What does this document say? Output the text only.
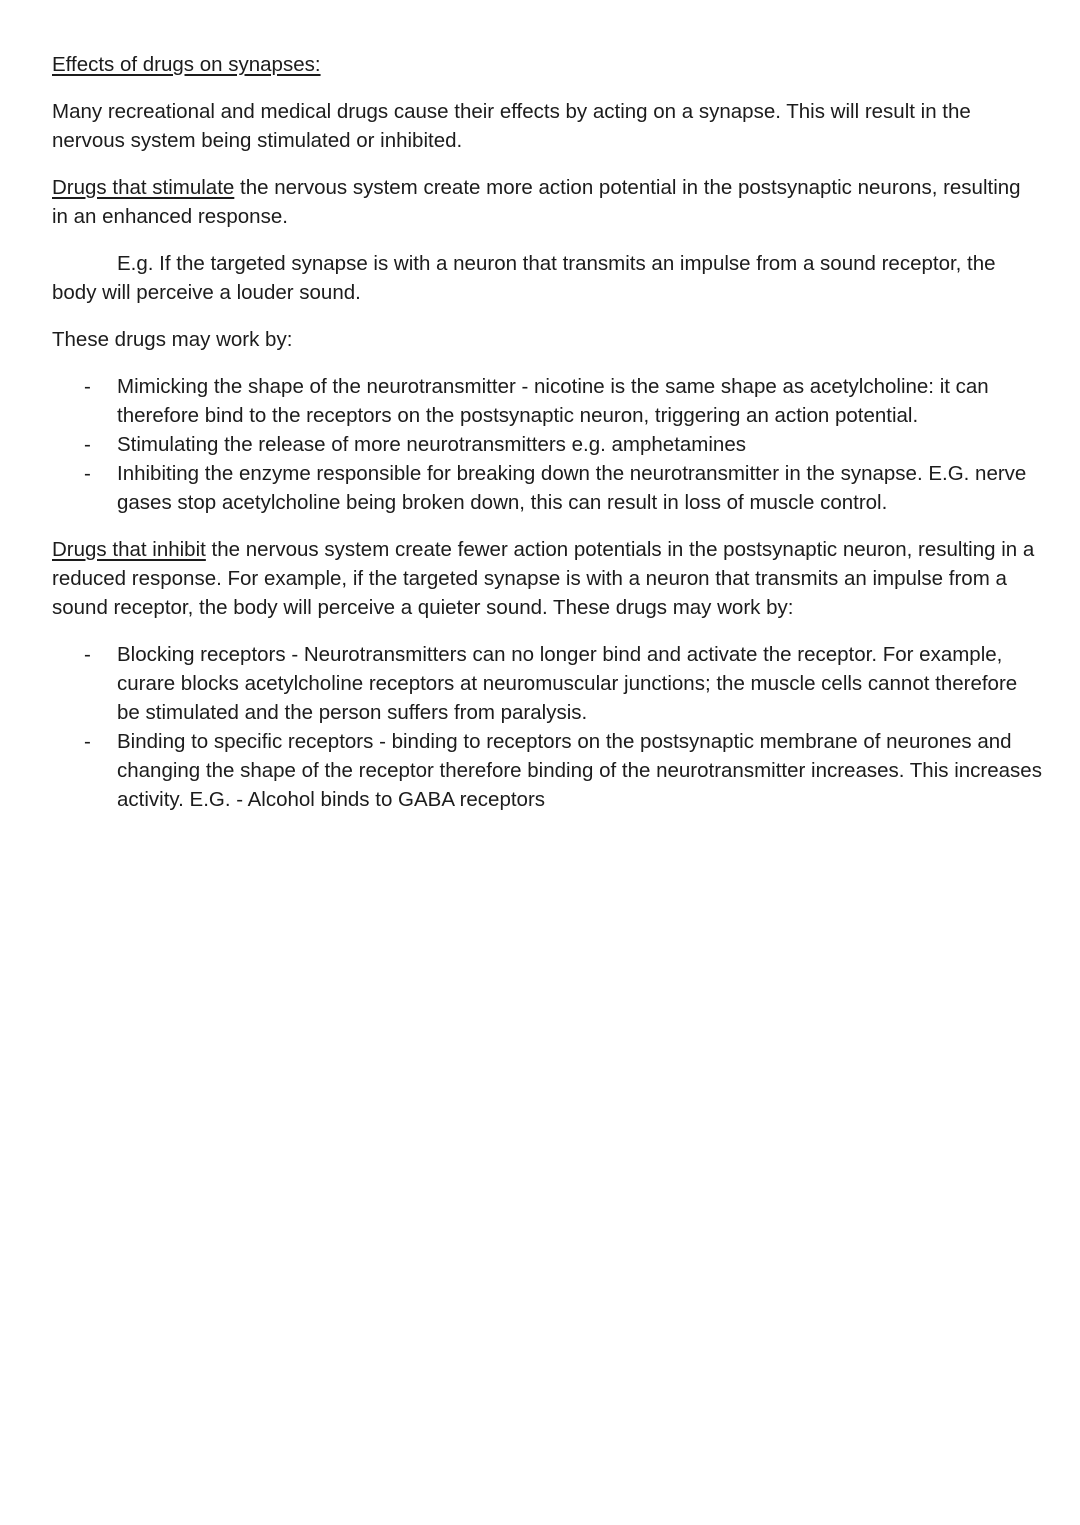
Effects of drugs on synapses:

Many recreational and medical drugs cause their effects by acting on a synapse. This will result in the nervous system being stimulated or inhibited.

Drugs that stimulate the nervous system create more action potential in the postsynaptic neurons, resulting in an enhanced response.

E.g. If the targeted synapse is with a neuron that transmits an impulse from a sound receptor, the body will perceive a louder sound.

These drugs may work by:

- Mimicking the shape of the neurotransmitter - nicotine is the same shape as acetylcholine: it can therefore bind to the receptors on the postsynaptic neuron, triggering an action potential.
- Stimulating the release of more neurotransmitters e.g. amphetamines
- Inhibiting the enzyme responsible for breaking down the neurotransmitter in the synapse. E.G. nerve gases stop acetylcholine being broken down, this can result in loss of muscle control.

Drugs that inhibit the nervous system create fewer action potentials in the postsynaptic neuron, resulting in a reduced response. For example, if the targeted synapse is with a neuron that transmits an impulse from a sound receptor, the body will perceive a quieter sound. These drugs may work by:

- Blocking receptors - Neurotransmitters can no longer bind and activate the receptor. For example, curare blocks acetylcholine receptors at neuromuscular junctions; the muscle cells cannot therefore be stimulated and the person suffers from paralysis.
- Binding to specific receptors - binding to receptors on the postsynaptic membrane of neurones and changing the shape of the receptor therefore binding of the neurotransmitter increases. This increases activity. E.G. - Alcohol binds to GABA receptors
